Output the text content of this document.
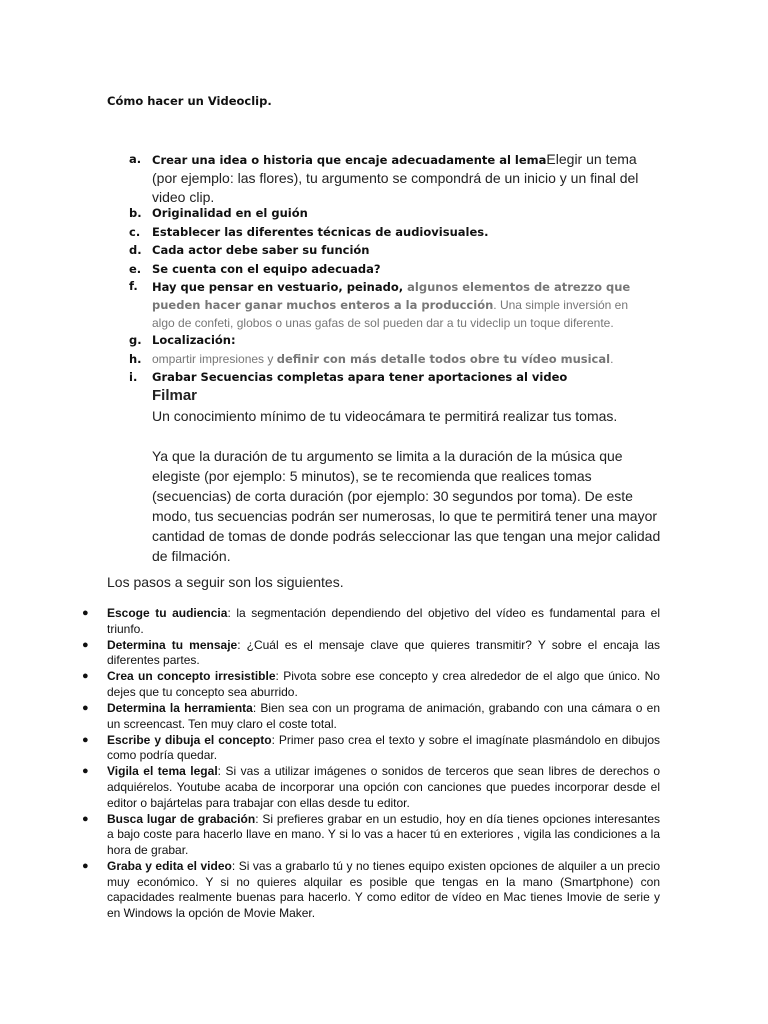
Cómo hacer un Videoclip.
a. Crear una idea o historia que encaje adecuadamente al lemaElegir un tema (por ejemplo: las flores), tu argumento se compondrá de un inicio y un final del video clip.
b. Originalidad en el guión
c. Establecer las diferentes técnicas de audiovisuales.
d. Cada actor debe saber su función
e. Se cuenta con el equipo adecuada?
f. Hay que pensar en vestuario, peinado, algunos elementos de atrezzo que pueden hacer ganar muchos enteros a la producción. Una simple inversión en algo de confeti, globos o unas gafas de sol pueden dar a tu videclip un toque diferente.
g. Localización:
h. ompartir impresiones y definir con más detalle todos obre tu vídeo musical.
i. Grabar Secuencias completas apara tener aportaciones al video

Filmar

Un conocimiento mínimo de tu videocámara te permitirá realizar tus tomas.

Ya que la duración de tu argumento se limita a la duración de la música que elegiste (por ejemplo: 5 minutos), se te recomienda que realices tomas (secuencias) de corta duración (por ejemplo: 30 segundos por toma). De este modo, tus secuencias podrán ser numerosas, lo que te permitirá tener una mayor cantidad de tomas de donde podrás seleccionar las que tengan una mejor calidad de filmación.

Los pasos a seguir son los siguientes.
● Escoge tu audiencia: la segmentación dependiendo del objetivo del vídeo es fundamental para el triunfo.
● Determina tu mensaje: ¿Cuál es el mensaje clave que quieres transmitir? Y sobre el encaja las diferentes partes.
● Crea un concepto irresistible: Pivota sobre ese concepto y crea alrededor de el algo que único. No dejes que tu concepto sea aburrido.
● Determina la herramienta: Bien sea con un programa de animación, grabando con una cámara o en un screencast. Ten muy claro el coste total.
● Escribe y dibuja el concepto: Primer paso crea el texto y sobre el imagínate plasmándolo en dibujos como podría quedar.
● Vigila el tema legal: Si vas a utilizar imágenes o sonidos de terceros que sean libres de derechos o adquiérelos. Youtube acaba de incorporar una opción con canciones que puedes incorporar desde el editor o bajártelas para trabajar con ellas desde tu editor.
● Busca lugar de grabación: Si prefieres grabar en un estudio, hoy en día tienes opciones interesantes a bajo coste para hacerlo llave en mano. Y si lo vas a hacer tú en exteriores , vigila las condiciones a la hora de grabar.
● Graba y edita el video: Si vas a grabarlo tú y no tienes equipo existen opciones de alquiler a un precio muy económico. Y si no quieres alquilar es posible que tengas en la mano (Smartphone) con capacidades realmente buenas para hacerlo. Y como editor de vídeo en Mac tienes Imovie de serie y en Windows la opción de Movie Maker.
